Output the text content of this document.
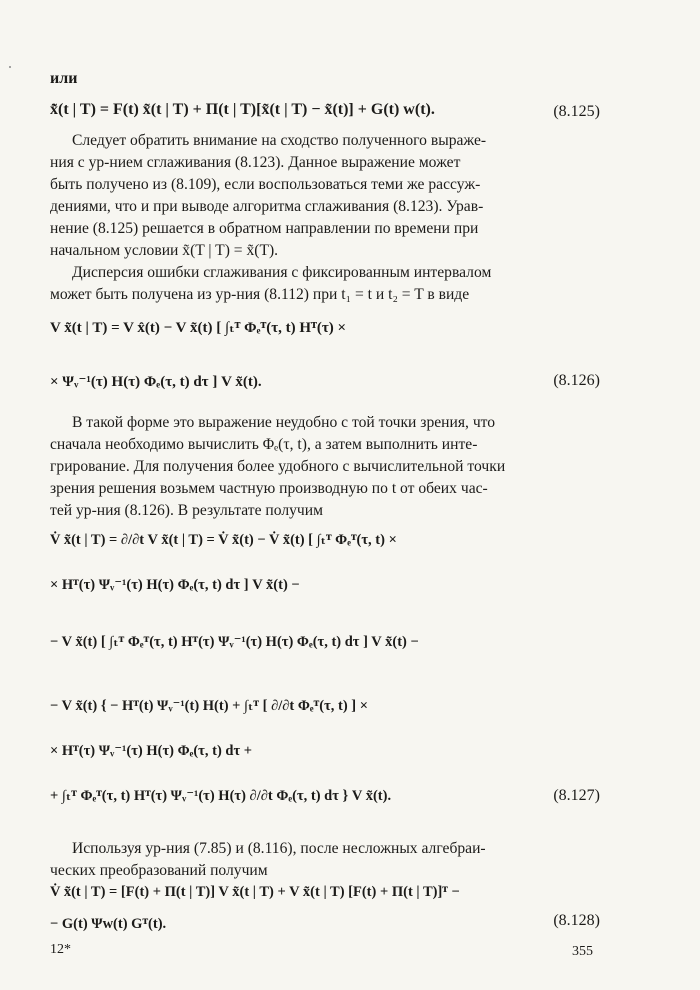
или
x̃̇(t | T) = F(t) x̃(t | T) + Π(t | T)[x̃(t | T) − x̃(t)] + G(t) w(t).	(8.125)
Следует обратить внимание на сходство полученного выраже-
ния с ур-нием сглаживания (8.123). Данное выражение может
быть получено из (8.109), если воспользоваться теми же рассуж-
дениями, что и при выводе алгоритма сглаживания (8.123). Урав-
нение (8.125) решается в обратном направлении по времени при
начальном условии x̃(T | T) = x̃(T).
Дисперсия ошибки сглаживания с фиксированным интервалом
может быть получена из ур-ния (8.112) при t₁ = t и t₂ = T в виде
V x̃(t | T) = V x̂(t) − V x̃(t) [ ∫ₜᵀ Φₑᵀ(τ, t) Hᵀ(τ) ×
× Ψᵥ⁻¹(τ) H(τ) Φₑ(τ, t) dτ ] V x̃(t).	(8.126)
В такой форме это выражение неудобно с той точки зрения, что
сначала необходимо вычислить Φₑ(τ, t), а затем выполнить инте-
грирование. Для получения более удобного с вычислительной точки
зрения решения возьмем частную производную по t от обеих час-
тей ур-ния (8.126). В результате получим
V̇ x̃(t | T) = ∂/∂t V x̃(t | T) = V̇ x̃(t) − V̇ x̃(t) [ ∫ₜᵀ Φₑᵀ(τ, t) ×
× Hᵀ(τ) Ψᵥ⁻¹(τ) H(τ) Φₑ(τ, t) dτ ] V x̃(t) −
− V x̃(t) [ ∫ₜᵀ Φₑᵀ(τ, t) Hᵀ(τ) Ψᵥ⁻¹(τ) H(τ) Φₑ(τ, t) dτ ] V x̃(t) −
− V x̃(t) { − Hᵀ(t) Ψᵥ⁻¹(t) H(t) + ∫ₜᵀ [ ∂/∂t Φₑᵀ(τ, t) ] ×
× Hᵀ(τ) Ψᵥ⁻¹(τ) H(τ) Φₑ(τ, t) dτ +
+ ∫ₜᵀ Φₑᵀ(τ, t) Hᵀ(τ) Ψᵥ⁻¹(τ) H(τ) ∂/∂t Φₑ(τ, t) dτ } V x̃(t).	(8.127)
Используя ур-ния (7.85) и (8.116), после несложных алгебраи-
ческих преобразований получим
V̇ x̃(t | T) = [F(t) + Π(t | T)] V x̃(t | T) + V x̃(t | T) [F(t) + Π(t | T)]ᵀ −
− G(t) Ψw(t) Gᵀ(t).	(8.128)
12*	355
